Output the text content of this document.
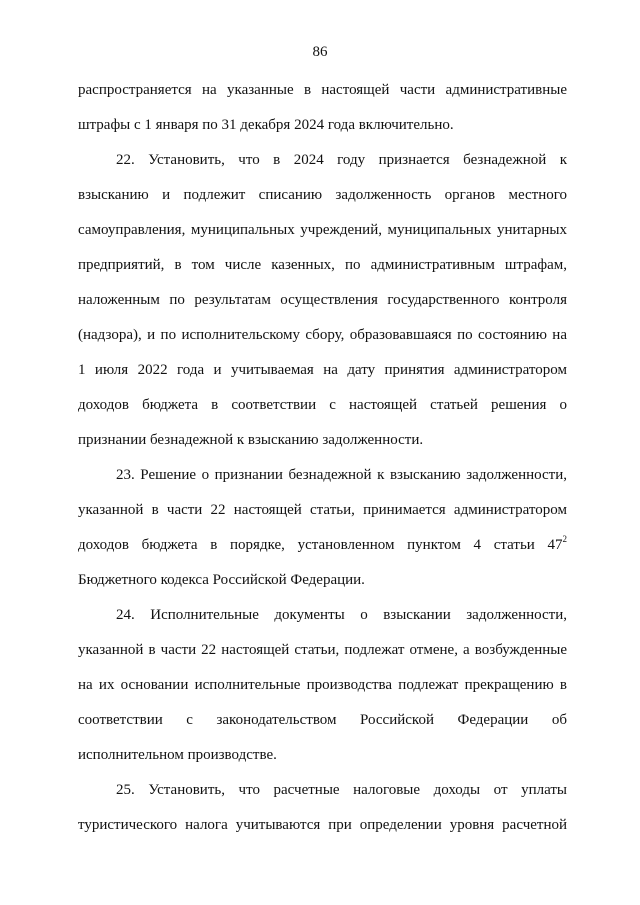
86
распространяется на указанные в настоящей части административные
штрафы с 1 января по 31 декабря 2024 года включительно.
22. Установить, что в 2024 году признается безнадежной к
взысканию и подлежит списанию задолженность органов местного
самоуправления, муниципальных учреждений, муниципальных унитарных
предприятий, в том числе казенных, по административным штрафам,
наложенным по результатам осуществления государственного контроля
(надзора), и по исполнительскому сбору, образовавшаяся по состоянию на
1 июля 2022 года и учитываемая на дату принятия администратором
доходов бюджета в соответствии с настоящей статьей решения о
признании безнадежной к взысканию задолженности.
23. Решение о признании безнадежной к взысканию задолженности,
указанной в части 22 настоящей статьи, принимается администратором
доходов бюджета в порядке, установленном пунктом 4 статьи $47^2$
Бюджетного кодекса Российской Федерации.
24. Исполнительные документы о взыскании задолженности,
указанной в части 22 настоящей статьи, подлежат отмене, а возбужденные
на их основании исполнительные производства подлежат прекращению в
соответствии с законодательством Российской Федерации об
исполнительном производстве.
25. Установить, что расчетные налоговые доходы от уплаты
туристического налога учитываются при определении уровня расчетной
